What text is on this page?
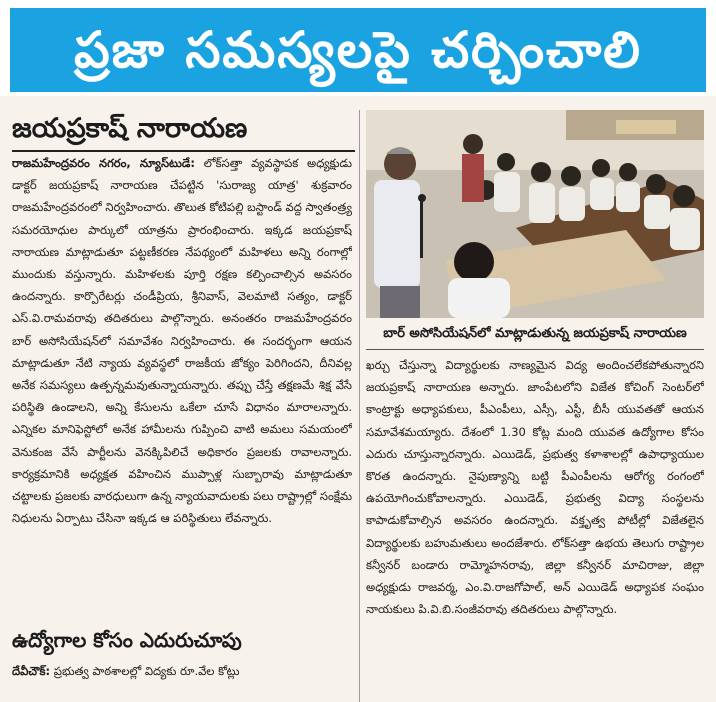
ప్రజా సమస్యలపై చర్చించాలి
జయప్రకాష్ నారాయణ
రాజమహేంద్రవరం నగరం, న్యూస్‌టుడే: లోక్‌సత్తా వ్యవస్థాపక అధ్యక్షుడు డాక్టర్ జయప్రకాష్ నారాయణ చేపట్టిన 'సురాజ్య యాత్ర' శుక్రవారం రాజమహేంద్రవరంలో నిర్వహించారు. తొలుత కోటిపల్లి బస్టాండ్ వద్ద స్వాతంత్ర్య సమరయోధుల పార్కులో యాత్రను ప్రారంభించారు. ఇక్కడ జయప్రకాష్ నారాయణ మాట్లాడుతూ పట్టణీకరణ నేపథ్యంలో మహిళలు అన్ని రంగాల్లో ముందుకు వస్తున్నారు. మహిళలకు పూర్తి రక్షణ కల్పించాల్సిన అవసరం ఉందన్నారు. కార్పొరేటర్లు చండీప్రియ, శ్రీనివాస్, వెలమాటి సత్యం, డాక్టర్ ఎస్.వి.రామవరావు తదితరులు పాల్గొన్నారు. అనంతరం రాజమహేంద్రవరం బార్ అసోసియేషన్‌లో సమావేశం నిర్వహించారు. ఈ సందర్భంగా ఆయన మాట్లాడుతూ నేటి న్యాయ వ్యవస్థలో రాజకీయ జోక్యం పెరిగిందని, దీనివల్ల అనేక సమస్యలు ఉత్పన్నమవుతున్నాయన్నారు. తప్పు చేస్తే తక్షణమే శిక్ష వేసే పరిస్థితి ఉండాలని, అన్ని కేసులను ఒకేలా చూసే విధానం మారాలన్నారు. ఎన్నికల మానిఫెస్టోలో అనేక హామీలను గుప్పించి వాటి అమలు సమయంలో వెనుకంజ వేసే పార్టీలను వెనక్కిపిలిచే అధికారం ప్రజలకు రావాలన్నారు. కార్యక్రమానికి అధ్యక్షత వహించిన ముప్పాళ్ల సుబ్బారావు మాట్లాడుతూ చట్టాలకు ప్రజలకు వారధులుగా ఉన్న న్యాయవాదులకు పలు రాష్ట్రాల్లో సంక్షేమ నిధులను ఏర్పాటు చేసినా ఇక్కడ ఆ పరిస్థితులు లేవన్నారు.
ఉద్యోగాల కోసం ఎదురుచూపు
దేవీచౌక్: ప్రభుత్వ పాఠశాలల్లో విద్యకు రూ.వేల కోట్లు
బార్ అసోసియేషన్‌లో మాట్లాడుతున్న జయప్రకాష్ నారాయణ
ఖర్చు చేస్తున్నా విద్యార్థులకు నాణ్యమైన విద్య అందించలేకపోతున్నారని జయప్రకాష్ నారాయణ అన్నారు. జాంపేటలోని విజేత కోచింగ్ సెంటర్‌లో కాంట్రాక్టు అధ్యాపకులు, పీఎంపీలు, ఎస్సీ, ఎస్టీ, బీసీ యువతతో ఆయన సమావేశమయ్యారు. దేశంలో 1.30 కోట్ల మంది యువత ఉద్యోగాల కోసం ఎదురు చూస్తున్నారన్నారు. ఎయిడెడ్, ప్రభుత్వ కళాశాలల్లో ఉపాధ్యాయుల కొరత ఉందన్నారు. నైపుణ్యాన్ని బట్టి పీఎంపీలను ఆరోగ్య రంగంలో ఉపయోగించుకోవాలన్నారు. ఎయిడెడ్, ప్రభుత్వ విద్యా సంస్థలను కాపాడుకోవాల్సిన అవసరం ఉందన్నారు. వక్తృత్వ పోటీల్లో విజేతలైన విద్యార్థులకు బహుమతులు అందజేశారు. లోక్‌సత్తా ఉభయ తెలుగు రాష్ట్రాల కన్వీనర్ బండారు రామ్మోహనరావు, జిల్లా కన్వీనర్ మాచిరాజు, జిల్లా అధ్యక్షుడు రాజవర్మ, ఎం.వి.రాజగోపాల్, అన్ ఎయిడెడ్ అధ్యాపక సంఘం నాయకులు పి.వి.బి.సంజీవరావు తదితరులు పాల్గొన్నారు.
